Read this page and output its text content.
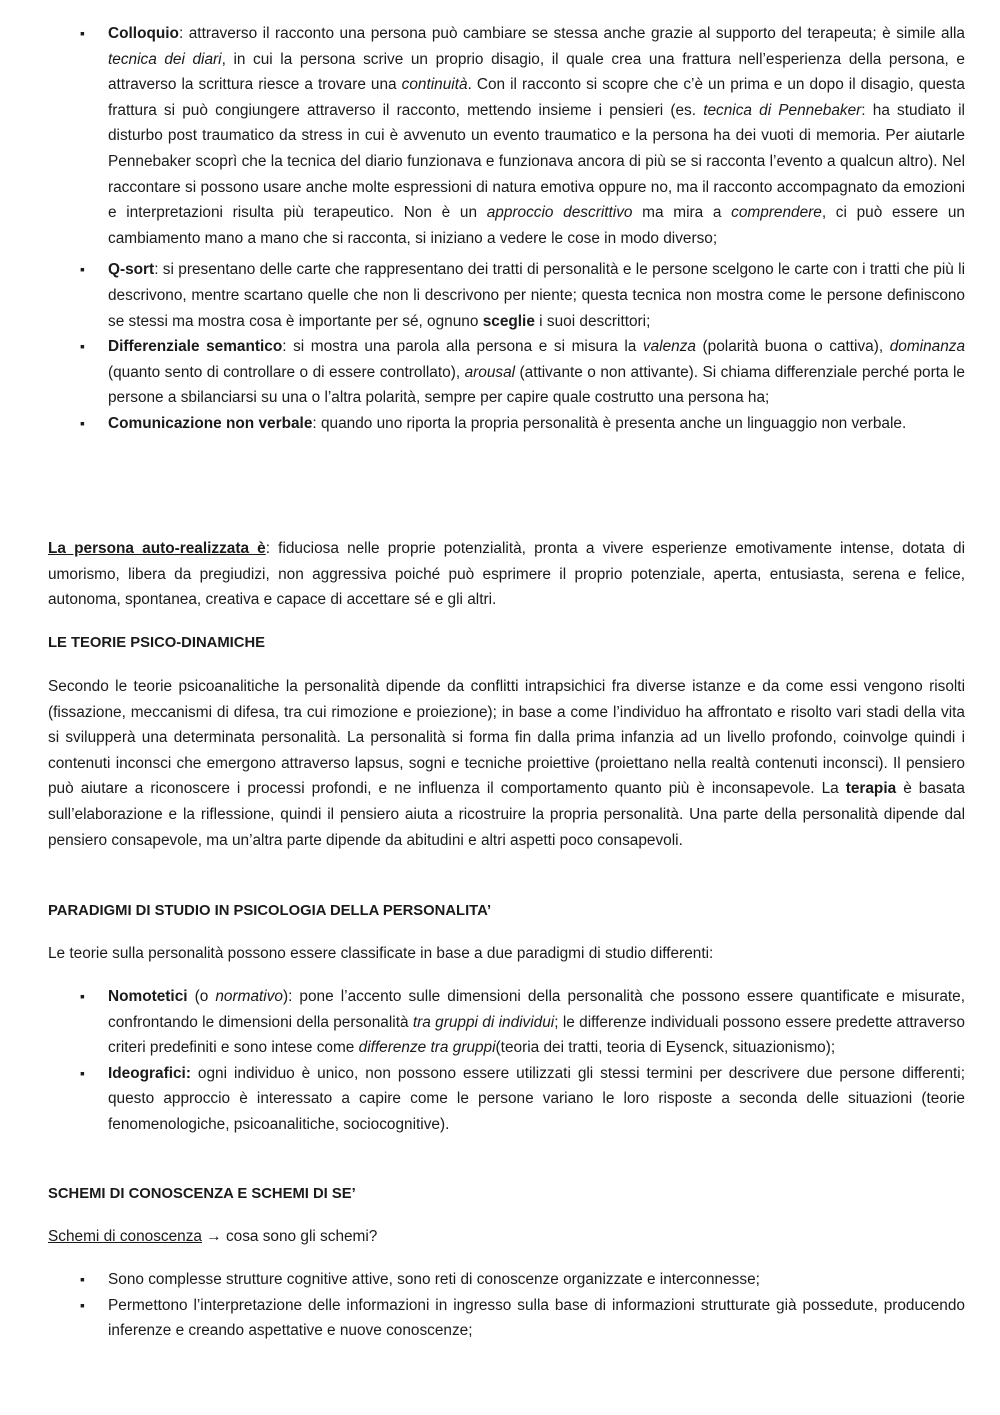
▪ Colloquio: attraverso il racconto una persona può cambiare se stessa anche grazie al supporto del terapeuta; è simile alla tecnica dei diari, in cui la persona scrive un proprio disagio, il quale crea una frattura nell’esperienza della persona, e attraverso la scrittura riesce a trovare una continuità. Con il racconto si scopre che c’è un prima e un dopo il disagio, questa frattura si può congiungere attraverso il racconto, mettendo insieme i pensieri (es. tecnica di Pennebaker: ha studiato il disturbo post traumatico da stress in cui è avvenuto un evento traumatico e la persona ha dei vuoti di memoria. Per aiutarle Pennebaker scoprì che la tecnica del diario funzionava e funzionava ancora di più se si racconta l’evento a qualcun altro). Nel raccontare si possono usare anche molte espressioni di natura emotiva oppure no, ma il racconto accompagnato da emozioni e interpretazioni risulta più terapeutico. Non è un approccio descrittivo ma mira a comprendere, ci può essere un cambiamento mano a mano che si racconta, si iniziano a vedere le cose in modo diverso;
▪ Q-sort: si presentano delle carte che rappresentano dei tratti di personalità e le persone scelgono le carte con i tratti che più li descrivono, mentre scartano quelle che non li descrivono per niente; questa tecnica non mostra come le persone definiscono se stessi ma mostra cosa è importante per sé, ognuno sceglie i suoi descrittori;
▪ Differenziale semantico: si mostra una parola alla persona e si misura la valenza (polarità buona o cattiva), dominanza (quanto sento di controllare o di essere controllato), arousal (attivante o non attivante). Si chiama differenziale perché porta le persone a sbilanciarsi su una o l’altra polarità, sempre per capire quale costrutto una persona ha;
▪ Comunicazione non verbale: quando uno riporta la propria personalità è presenta anche un linguaggio non verbale.

La persona auto-realizzata è: fiduciosa nelle proprie potenzialità, pronta a vivere esperienze emotivamente intense, dotata di umorismo, libera da pregiudizi, non aggressiva poiché può esprimere il proprio potenziale, aperta, entusiasta, serena e felice, autonoma, spontanea, creativa e capace di accettare sé e gli altri.

LE TEORIE PSICO-DINAMICHE

Secondo le teorie psicoanalitiche la personalità dipende da conflitti intrapsichici fra diverse istanze e da come essi vengono risolti (fissazione, meccanismi di difesa, tra cui rimozione e proiezione); in base a come l’individuo ha affrontato e risolto vari stadi della vita si svilupperà una determinata personalità. La personalità si forma fin dalla prima infanzia ad un livello profondo, coinvolge quindi i contenuti inconsci che emergono attraverso lapsus, sogni e tecniche proiettive (proiettano nella realtà contenuti inconsci). Il pensiero può aiutare a riconoscere i processi profondi, e ne influenza il comportamento quanto più è inconsapevole. La terapia è basata sull’elaborazione e la riflessione, quindi il pensiero aiuta a ricostruire la propria personalità. Una parte della personalità dipende dal pensiero consapevole, ma un’altra parte dipende da abitudini e altri aspetti poco consapevoli.

PARADIGMI DI STUDIO IN PSICOLOGIA DELLA PERSONALITA’

Le teorie sulla personalità possono essere classificate in base a due paradigmi di studio differenti:

▪ Nomotetici (o normativo): pone l’accento sulle dimensioni della personalità che possono essere quantificate e misurate, confrontando le dimensioni della personalità tra gruppi di individui; le differenze individuali possono essere predette attraverso criteri predefiniti e sono intese come differenze tra gruppi(teoria dei tratti, teoria di Eysenck, situazionismo);
▪ Ideografici: ogni individuo è unico, non possono essere utilizzati gli stessi termini per descrivere due persone differenti; questo approccio è interessato a capire come le persone variano le loro risposte a seconda delle situazioni (teorie fenomenologiche, psicoanalitiche, sociocognitive).
SCHEMI DI CONOSCENZA E SCHEMI DI SE’

Schemi di conoscenza → cosa sono gli schemi?

▪ Sono complesse strutture cognitive attive, sono reti di conoscenze organizzate e interconnesse;
▪ Permettono l’interpretazione delle informazioni in ingresso sulla base di informazioni strutturate già possedute, producendo inferenze e creando aspettative e nuove conoscenze;
